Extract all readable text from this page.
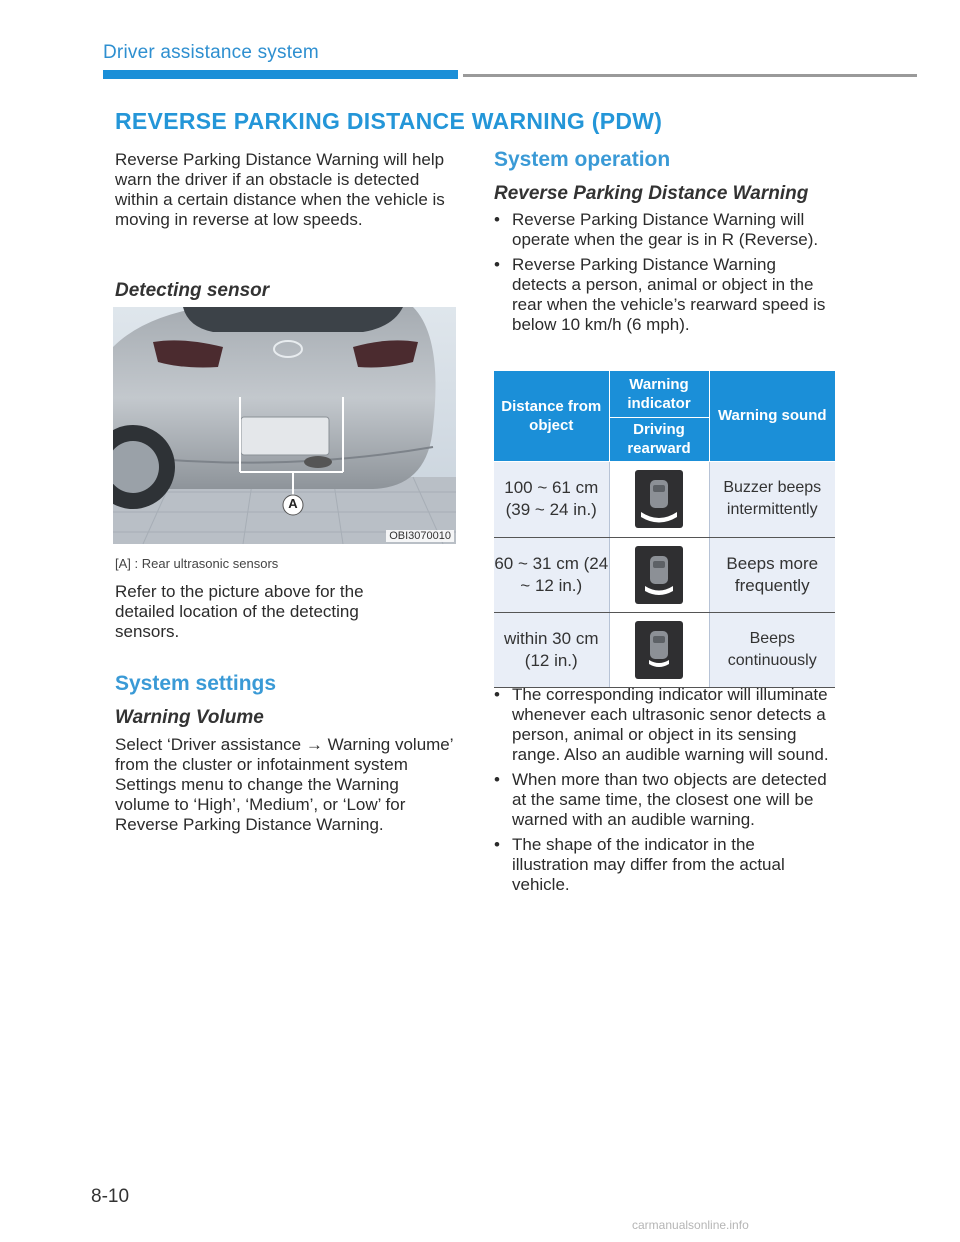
Driver assistance system
REVERSE PARKING DISTANCE WARNING (PDW)
Reverse Parking Distance Warning will help warn the driver if an obstacle is detected within a certain distance when the vehicle is moving in reverse at low speeds.
Detecting sensor
A
OBI3070010
[A] : Rear ultrasonic sensors
Refer to the picture above for the detailed location of the detecting sensors.
System settings
Warning Volume
Select ‘Driver assistance → Warning volume’ from the cluster or infotainment system Settings menu to change the Warning volume to ‘High’, ‘Medium’, or ‘Low’ for Reverse Parking Distance Warning.
System operation
Reverse Parking Distance Warning
• Reverse Parking Distance Warning will operate when the gear is in R (Reverse).
• Reverse Parking Distance Warning detects a person, animal or object in the rear when the vehicle’s rearward speed is below 10 km/h (6 mph).
Distance from object	Warning indicator	Warning sound
	Driving rearward	
100 ~ 61 cm (39 ~ 24 in.)		Buzzer beeps intermittently
60 ~ 31 cm (24 ~ 12 in.)		Beeps more frequently
within 30 cm (12 in.)		Beeps continuously
• The corresponding indicator will illuminate whenever each ultrasonic senor detects a person, animal or object in its sensing range. Also an audible warning will sound.
• When more than two objects are detected at the same time, the closest one will be warned with an audible warning.
• The shape of the indicator in the illustration may differ from the actual vehicle.
8-10
carmanualsonline.info
